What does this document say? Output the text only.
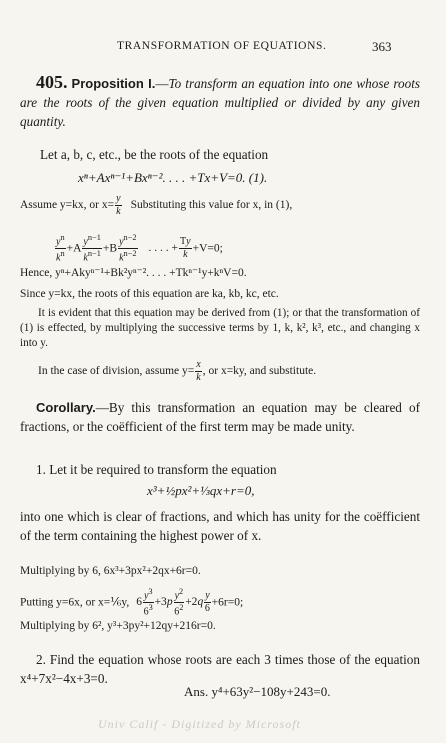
TRANSFORMATION OF EQUATIONS.	363
405. Proposition I.—To transform an equation into one whose roots are the roots of the given equation multiplied or divided by any given quantity.
Let a, b, c, etc., be the roots of the equation
xⁿ+Axⁿ⁻¹+Bxⁿ⁻². . . . +Tx+V=0. (1).
Assume y=kx, or $x= \frac{y}{k}$ Substituting this value for x, in (1),
$\frac{y^n}{k^n} +A \frac{y^{n-1}}{k^{n-1}} +B \frac{y^{n-2}}{k^{n-2}}$ . . . . + $\frac{Ty}{k} +V=0$;
Hence, yⁿ+Akyⁿ⁻¹+Bk²yⁿ⁻². . . . +Tkⁿ⁻¹y+kⁿV=0.
Since y=kx, the roots of this equation are ka, kb, kc, etc.
It is evident that this equation may be derived from (1); or that the transformation of (1) is effected, by multiplying the successive terms by 1, k, k², k³, etc., and changing x into y.
In the case of division, assume $y= \frac{x}{k}$ , or x=ky, and substitute.
Corollary.—By this transformation an equation may be cleared of fractions, or the coëfficient of the first term may be made unity.
1. Let it be required to transform the equation
x³+½px²+⅓qx+r=0,
into one which is clear of fractions, and which has unity for the coëfficient of the term containing the highest power of x.
Multiplying by 6, 6x³+3px²+2qx+6r=0.
Putting y=6x, or x=⅙y, $6 \frac{y^3}{6^3} +3p \frac{y^2}{6^2} +2q \frac{y}{6} +6r=0$;
Multiplying by 6², y³+3py²+12qy+216r=0.
2. Find the equation whose roots are each 3 times those of the equation x⁴+7x²−4x+3=0.
Ans. y⁴+63y²−108y+243=0.
Univ Calif - Digitized by Microsoft
